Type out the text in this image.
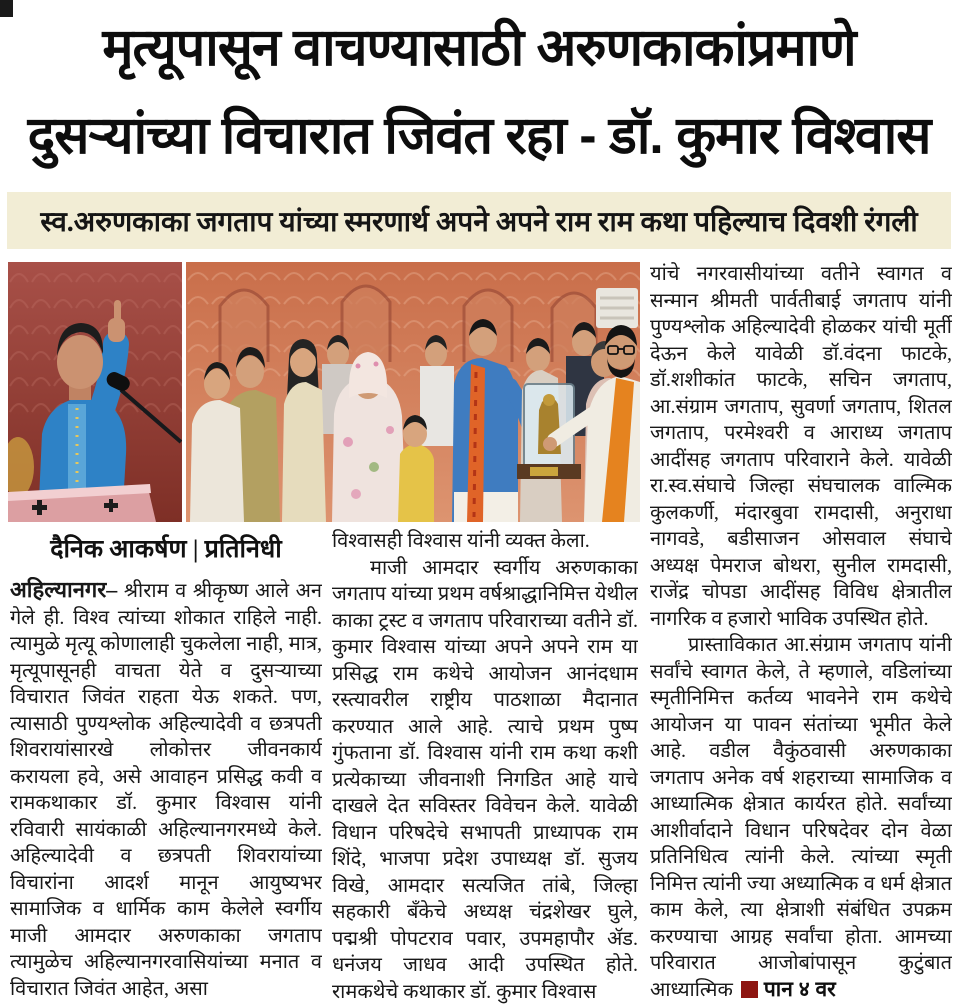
मृत्यूपासून वाचण्यासाठी अरुणकाकांप्रमाणे
दुसऱ्यांच्या विचारात जिवंत रहा - डॉ. कुमार विश्वास
स्व.अरुणकाका जगताप यांच्या स्मरणार्थ अपने अपने राम राम कथा पहिल्याच दिवशी रंगली
दैनिक आकर्षण | प्रतिनिधी

अहिल्यानगर– श्रीराम व श्रीकृष्ण आले अन गेले ही. विश्व त्यांच्या शोकात राहिले नाही. त्यामुळे मृत्यू कोणालाही चुकलेला नाही, मात्र, मृत्यूपासूनही वाचता येते व दुसऱ्याच्या विचारात जिवंत राहता येऊ शकते. पण, त्यासाठी पुण्यश्लोक अहिल्यादेवी व छत्रपती शिवरायांसारखे लोकोत्तर जीवनकार्य करायला हवे, असे आवाहन प्रसिद्ध कवी व रामकथाकार डॉ. कुमार विश्वास यांनी रविवारी सायंकाळी अहिल्यानगरमध्ये केले. अहिल्यादेवी व छत्रपती शिवरायांच्या विचारांना आदर्श मानून आयुष्यभर सामाजिक व धार्मिक काम केलेले स्वर्गीय माजी आमदार अरुणकाका जगताप त्यामुळेच अहिल्यानगरवासियांच्या मनात व विचारात जिवंत आहेत, असा

विश्वासही विश्वास यांनी व्यक्त केला.

माजी आमदार स्वर्गीय अरुणकाका जगताप यांच्या प्रथम वर्षश्राद्धानिमित्त येथील काका ट्रस्ट व जगताप परिवाराच्या वतीने डॉ. कुमार विश्वास यांच्या अपने अपने राम या प्रसिद्ध राम कथेचे आयोजन आनंदधाम रस्त्यावरील राष्ट्रीय पाठशाळा मैदानात करण्यात आले आहे. त्याचे प्रथम पुष्प गुंफताना डॉ. विश्वास यांनी राम कथा कशी प्रत्येकाच्या जीवनाशी निगडित आहे याचे दाखले देत सविस्तर विवेचन केले. यावेळी विधान परिषदेचे सभापती प्राध्यापक राम शिंदे, भाजपा प्रदेश उपाध्यक्ष डॉ. सुजय विखे, आमदार सत्यजित तांबे, जिल्हा सहकारी बँकेचे अध्यक्ष चंद्रशेखर घुले, पद्मश्री पोपटराव पवार, उपमहापौर ॲड. धनंजय जाधव आदी उपस्थित होते. रामकथेचे कथाकार डॉ. कुमार विश्वास

यांचे नगरवासीयांच्या वतीने स्वागत व सन्मान श्रीमती पार्वतीबाई जगताप यांनी पुण्यश्लोक अहिल्यादेवी होळकर यांची मूर्ती देऊन केले यावेळी डॉ.वंदना फाटके, डॉ.शशीकांत फाटके, सचिन जगताप, आ.संग्राम जगताप, सुवर्णा जगताप, शितल जगताप, परमेश्वरी व आराध्य जगताप आदींसह जगताप परिवाराने केले. यावेळी रा.स्व.संघाचे जिल्हा संघचालक वाल्मिक कुलकर्णी, मंदारबुवा रामदासी, अनुराधा नागवडे, बडीसाजन ओसवाल संघाचे अध्यक्ष पेमराज बोथरा, सुनील रामदासी, राजेंद्र चोपडा आदींसह विविध क्षेत्रातील नागरिक व हजारो भाविक उपस्थित होते.

प्रास्ताविकात आ.संग्राम जगताप यांनी सर्वांचे स्वागत केले, ते म्हणाले, वडिलांच्या स्मृतीनिमित्त कर्तव्य भावनेने राम कथेचे आयोजन या पावन संतांच्या भूमीत केले आहे. वडील वैकुंठवासी अरुणकाका जगताप अनेक वर्ष शहराच्या सामाजिक व आध्यात्मिक क्षेत्रात कार्यरत होते. सर्वांच्या आशीर्वादाने विधान परिषदेवर दोन वेळा प्रतिनिधित्व त्यांनी केले. त्यांच्या स्मृती निमित्त त्यांनी ज्या अध्यात्मिक व धर्म क्षेत्रात काम केले, त्या क्षेत्राशी संबंधित उपक्रम करण्याचा आग्रह सर्वांचा होता. आमच्या परिवारात आजोबांपासून कुटुंबात आध्यात्मिक पान ४ वर
